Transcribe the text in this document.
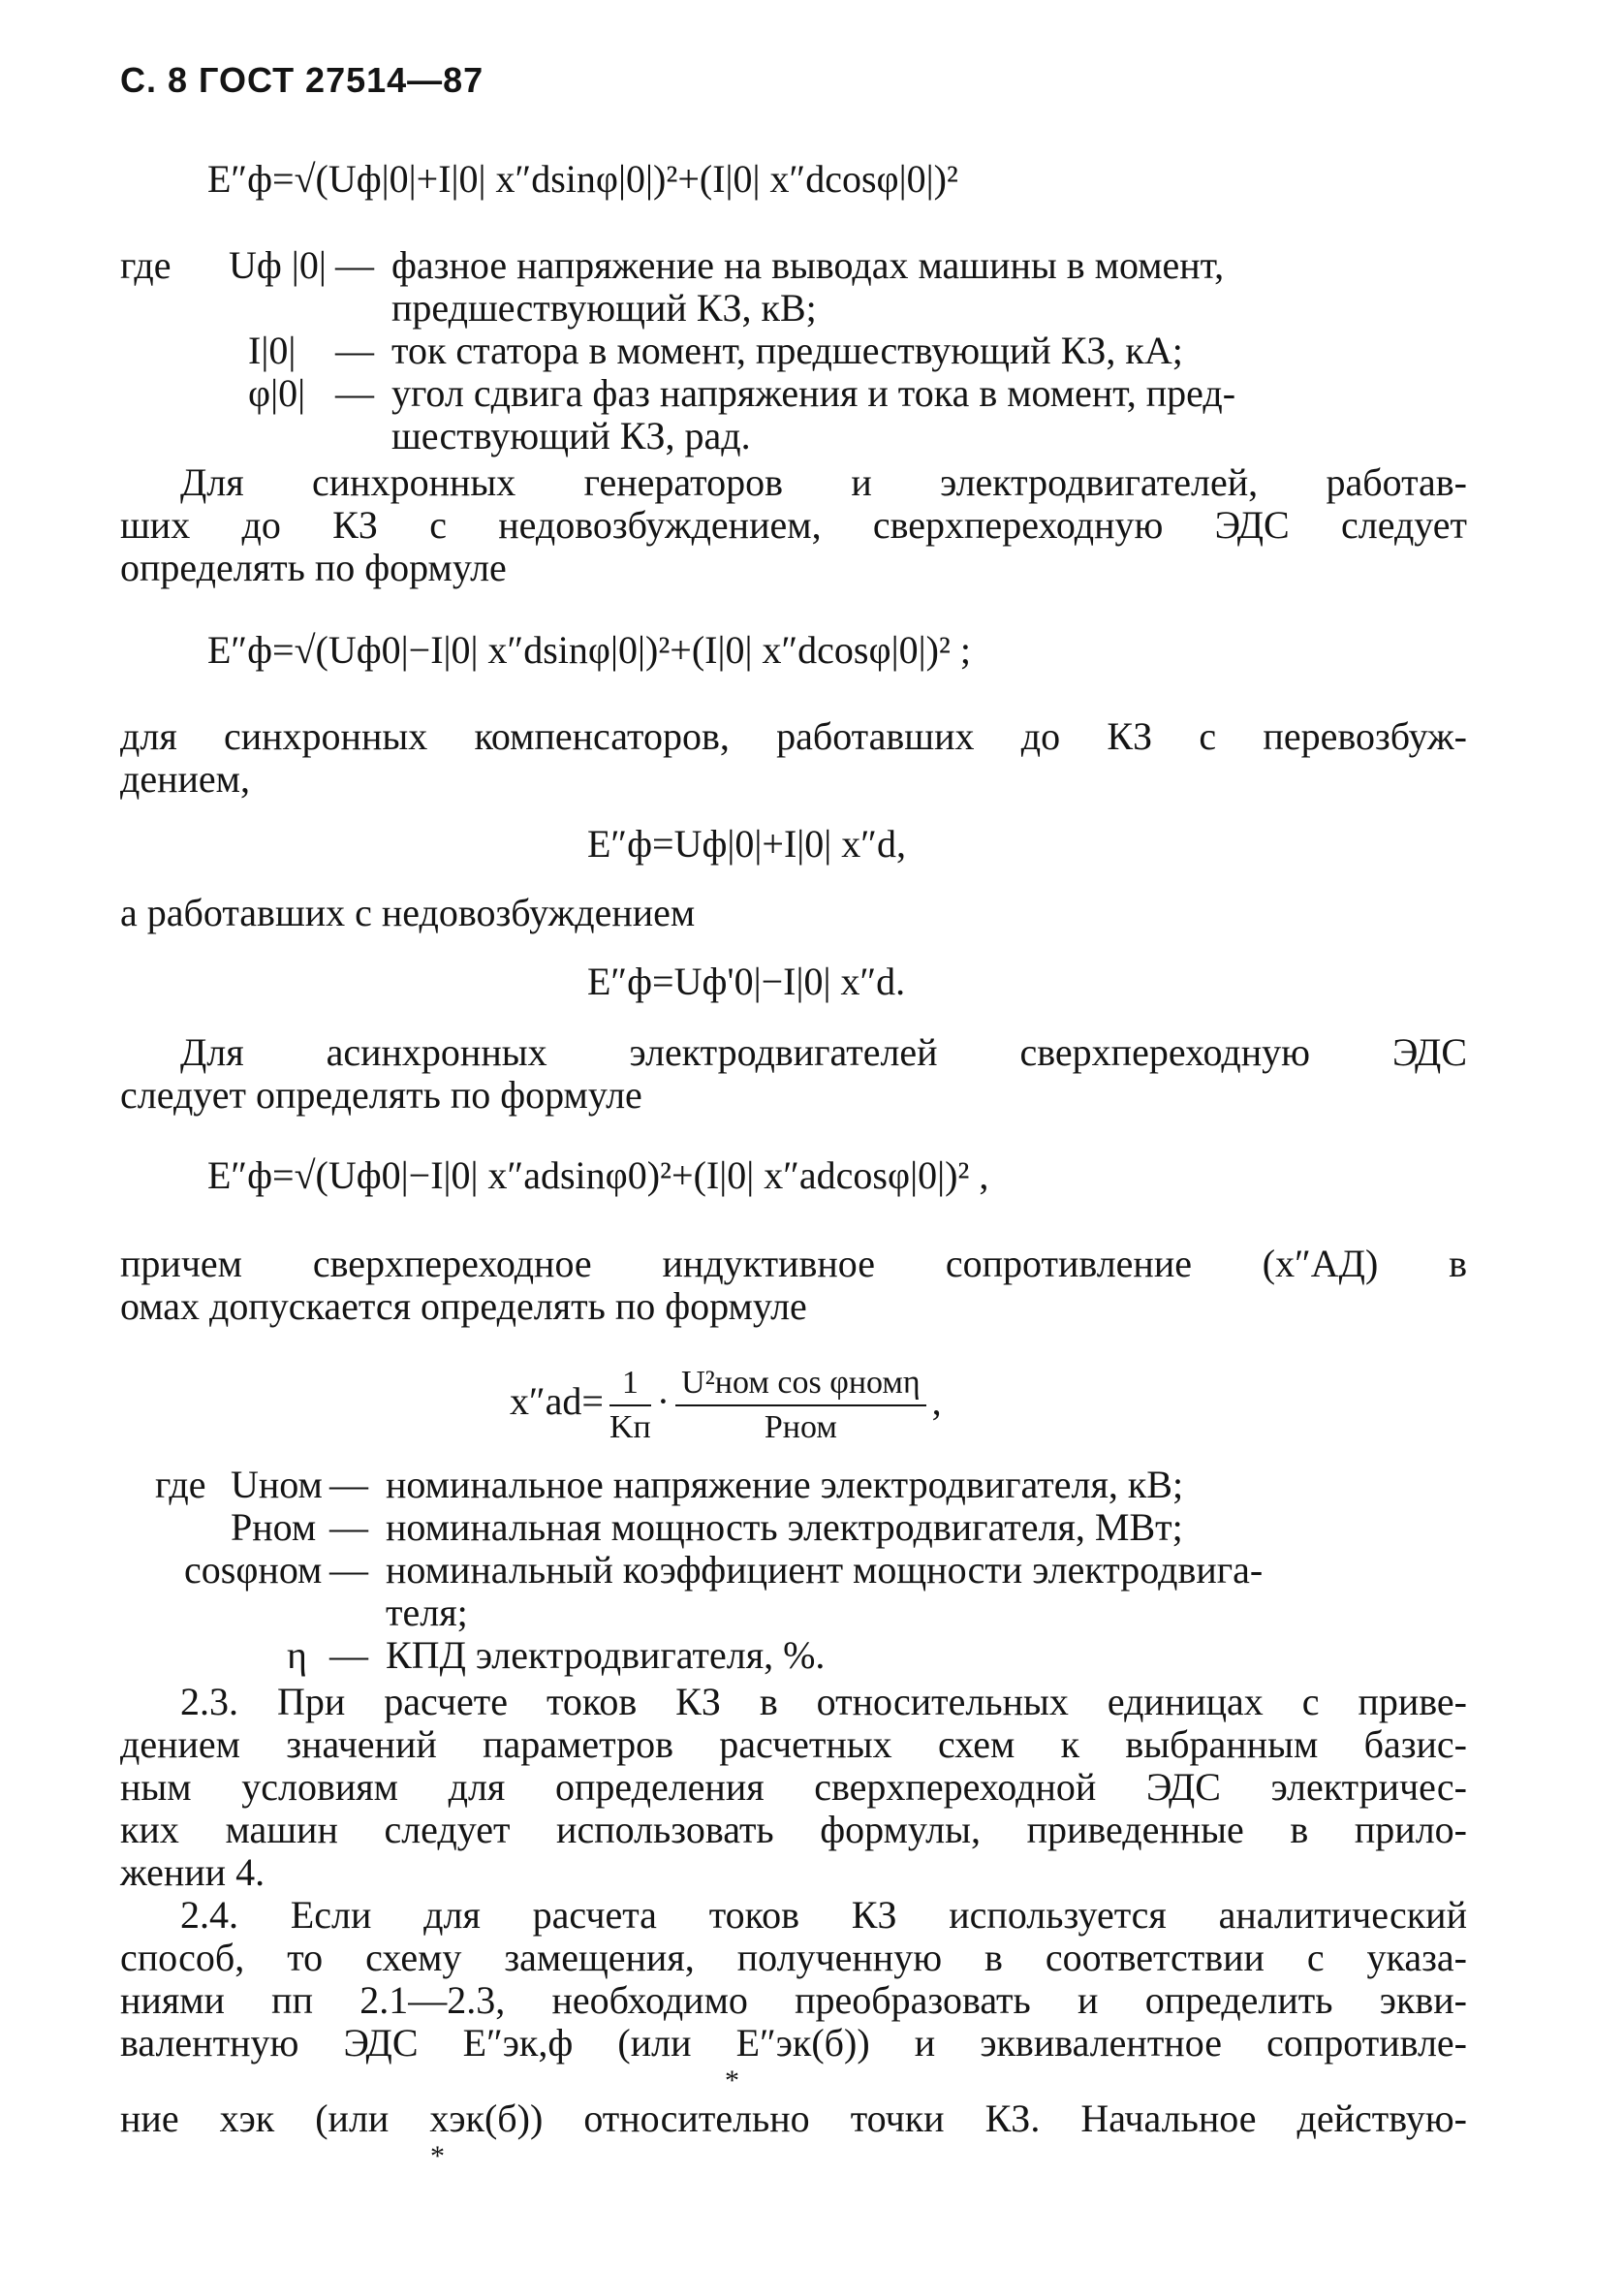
С. 8 ГОСТ 27514—87
E″ф=√(Uф|0|+I|0| x″dsinφ|0|)²+(I|0| x″dcosφ|0|)²
где Uф |0| — фазное напряжение на выводах машины в момент,
предшествующий КЗ, кВ;
I|0| — ток статора в момент, предшествующий КЗ, кА;
φ|0| — угол сдвига фаз напряжения и тока в момент, пред-
шествующий КЗ, рад.
Для синхронных генераторов и электродвигателей, работав-
ших до КЗ с недовозбуждением, сверхпереходную ЭДС следует
определять по формуле
E″ф=√(Uф0|−I|0| x″dsinφ|0|)²+(I|0| x″dcosφ|0|)² ;
для синхронных компенсаторов, работавших до КЗ с перевозбуж-
дением,
E″ф=Uф|0|+I|0| x″d,
а работавших с недовозбуждением
E″ф=Uф'0|−I|0| x″d.
Для асинхронных электродвигателей сверхпереходную ЭДС
следует определять по формуле
E″ф=√(Uф0|−I|0| x″adsinφ0)²+(I|0| x″adcosφ|0|)² ,
причем сверхпереходное индуктивное сопротивление (x″АД) в
омах допускается определять по формуле
$x''ad= \frac{1}{Kп} \cdot \frac{\text{U²ном cos φномη}}{\text{Pном}}$ ,
где Uном — номинальное напряжение электродвигателя, кВ;
Pном — номинальная мощность электродвигателя, МВт;
cosφном — номинальный коэффициент мощности электродвига-
теля;
η — КПД электродвигателя, %.
2.3. При расчете токов КЗ в относительных единицах с приве-
дением значений параметров расчетных схем к выбранным базис-
ным условиям для определения сверхпереходной ЭДС электричес-
ких машин следует использовать формулы, приведенные в прило-
жении 4.
2.4. Если для расчета токов КЗ используется аналитический
способ, то схему замещения, полученную в соответствии с указа-
ниями пп 2.1—2.3, необходимо преобразовать и определить экви-
валентную ЭДС E″эк,ф (или E″эк(б)) и эквивалентное сопротивле-
*
ние xэк (или xэк(б)) относительно точки КЗ. Начальное действую-
*
